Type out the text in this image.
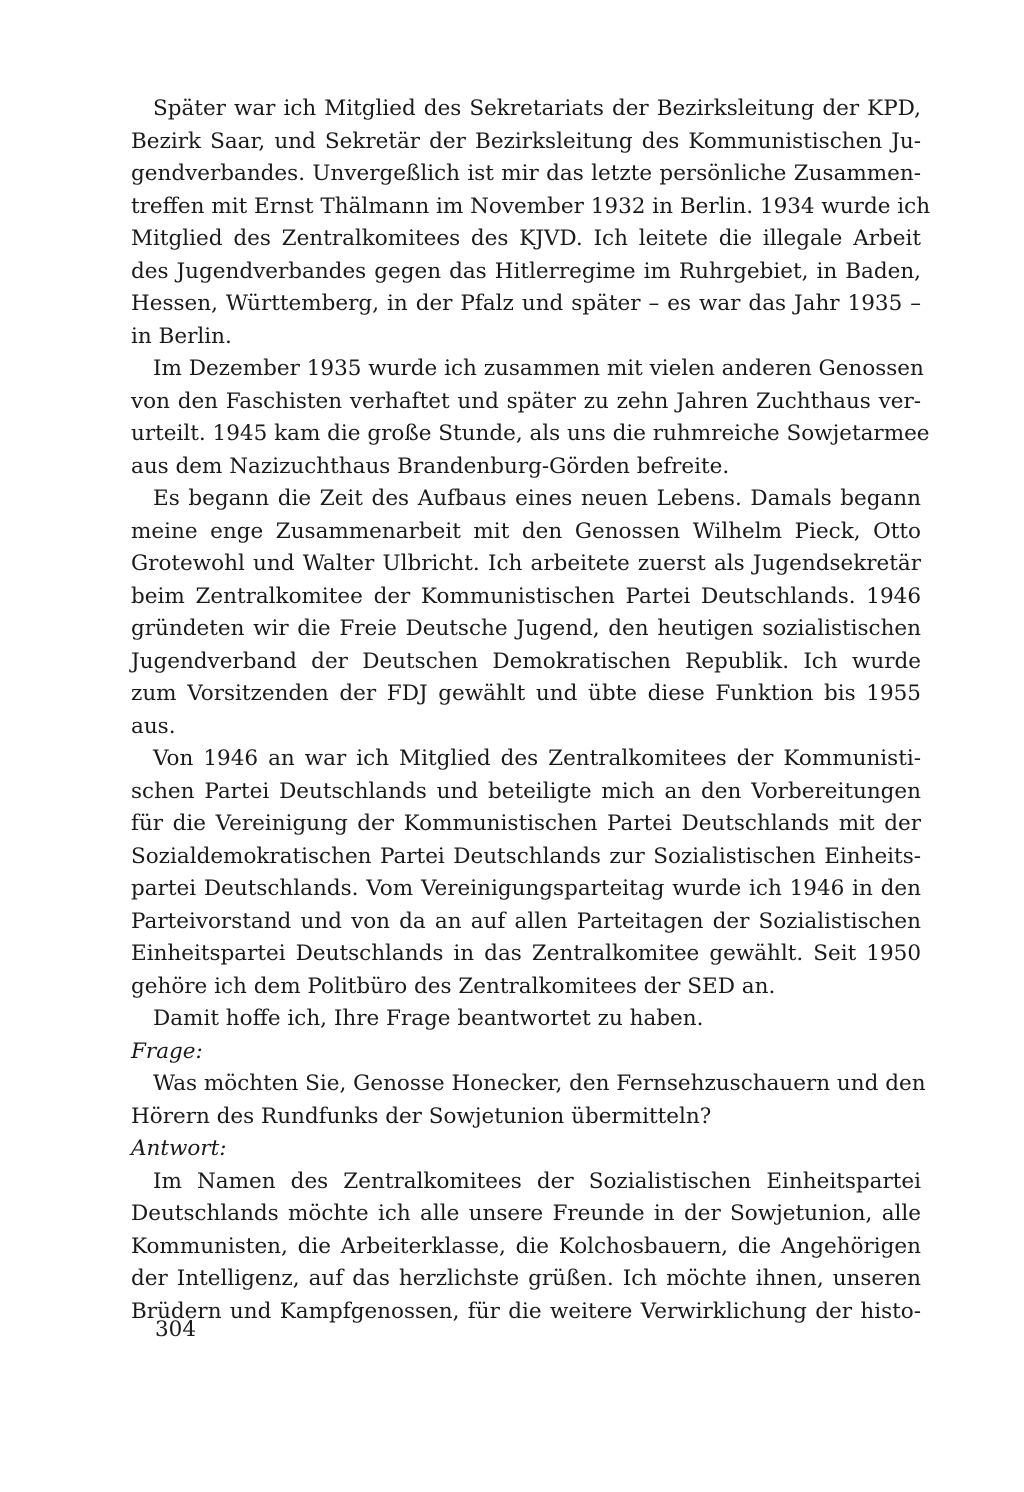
Später war ich Mitglied des Sekretariats der Bezirksleitung der KPD,
Bezirk Saar, und Sekretär der Bezirksleitung des Kommunistischen Ju-
gendverbandes. Unvergeßlich ist mir das letzte persönliche Zusammen-
treffen mit Ernst Thälmann im November 1932 in Berlin. 1934 wurde ich
Mitglied des Zentralkomitees des KJVD. Ich leitete die illegale Arbeit
des Jugendverbandes gegen das Hitlerregime im Ruhrgebiet, in Baden,
Hessen, Württemberg, in der Pfalz und später – es war das Jahr 1935 –
in Berlin.
Im Dezember 1935 wurde ich zusammen mit vielen anderen Genossen
von den Faschisten verhaftet und später zu zehn Jahren Zuchthaus ver-
urteilt. 1945 kam die große Stunde, als uns die ruhmreiche Sowjetarmee
aus dem Nazizuchthaus Brandenburg-Görden befreite.
Es begann die Zeit des Aufbaus eines neuen Lebens. Damals begann
meine enge Zusammenarbeit mit den Genossen Wilhelm Pieck, Otto
Grotewohl und Walter Ulbricht. Ich arbeitete zuerst als Jugendsekretär
beim Zentralkomitee der Kommunistischen Partei Deutschlands. 1946
gründeten wir die Freie Deutsche Jugend, den heutigen sozialistischen
Jugendverband der Deutschen Demokratischen Republik. Ich wurde
zum Vorsitzenden der FDJ gewählt und übte diese Funktion bis 1955
aus.
Von 1946 an war ich Mitglied des Zentralkomitees der Kommunisti-
schen Partei Deutschlands und beteiligte mich an den Vorbereitungen
für die Vereinigung der Kommunistischen Partei Deutschlands mit der
Sozialdemokratischen Partei Deutschlands zur Sozialistischen Einheits-
partei Deutschlands. Vom Vereinigungsparteitag wurde ich 1946 in den
Parteivorstand und von da an auf allen Parteitagen der Sozialistischen
Einheitspartei Deutschlands in das Zentralkomitee gewählt. Seit 1950
gehöre ich dem Politbüro des Zentralkomitees der SED an.
Damit hoffe ich, Ihre Frage beantwortet zu haben.
Frage:
Was möchten Sie, Genosse Honecker, den Fernsehzuschauern und den
Hörern des Rundfunks der Sowjetunion übermitteln?
Antwort:
Im Namen des Zentralkomitees der Sozialistischen Einheitspartei
Deutschlands möchte ich alle unsere Freunde in der Sowjetunion, alle
Kommunisten, die Arbeiterklasse, die Kolchosbauern, die Angehörigen
der Intelligenz, auf das herzlichste grüßen. Ich möchte ihnen, unseren
Brüdern und Kampfgenossen, für die weitere Verwirklichung der histo-
304
